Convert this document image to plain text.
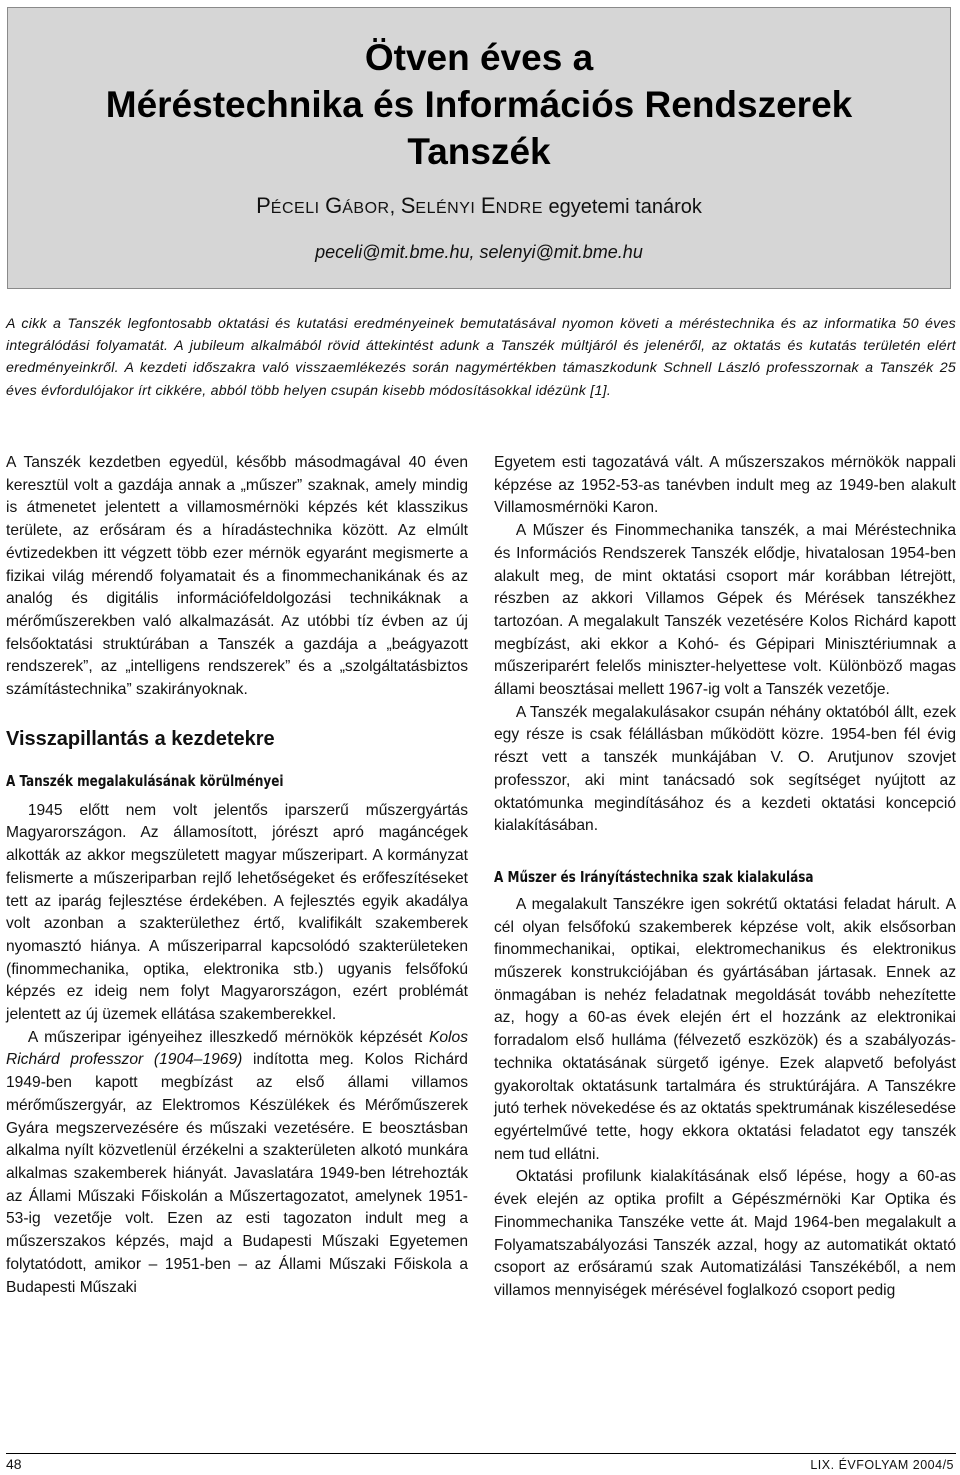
Ötven éves a
Méréstechnika és Információs Rendszerek
Tanszék
PÉCELI GÁBOR, SELÉNYI ENDRE egyetemi tanárok
peceli@mit.bme.hu, selenyi@mit.bme.hu

A cikk a Tanszék legfontosabb oktatási és kutatási eredményeinek bemutatásával nyomon követi a méréstechnika és az informatika 50 éves integrálódási folyamatát. A jubileum alkalmából rövid áttekintést adunk a Tanszék múltjáról és jelenéről, az oktatás és kutatás területén elért eredményeinkről. A kezdeti időszakra való visszaemlékezés során nagymértékben támaszkodunk Schnell László professzornak a Tanszék 25 éves évfordulójakor írt cikkére, abból több helyen csupán kisebb módosításokkal idézünk [1].

A Tanszék kezdetben egyedül, később másodmagával 40 éven keresztül volt a gazdája annak a „műszer” szaknak, amely mindig is átmenetet jelentett a villamosmérnöki képzés két klasszikus területe, az erősáram és a híradástechnika között. Az elmúlt évtizedekben itt végzett több ezer mérnök egyaránt megismerte a fizikai világ mérendő folyamatait és a finommechanikának és az analóg és digitális információfeldolgozási technikáknak a mérőműszerekben való alkalmazását. Az utóbbi tíz évben az új felsőoktatási struktúrában a Tanszék a gazdája a „beágyazott rendszerek”, az „intelligens rendszerek” és a „szolgáltatásbiztos számítástechnika” szakirányoknak.

Visszapillantás a kezdetekre
A Tanszék megalakulásának körülményei

1945 előtt nem volt jelentős iparszerű műszergyártás Magyarországon. Az államosított, jórészt apró magáncégek alkották az akkor megszületett magyar műszeripart. A kormányzat felismerte a műszeriparban rejlő lehetőségeket és erőfeszítéseket tett az iparág fejlesztése érdekében. A fejlesztés egyik akadálya volt azonban a szakterülethez értő, kvalifikált szakemberek nyomasztó hiánya. A műszeriparral kapcsolódó szakterületeken (finommechanika, optika, elektronika stb.) ugyanis felsőfokú képzés ez ideig nem folyt Magyarországon, ezért problémát jelentett az új üzemek ellátása szakemberekkel.

A műszeripar igényeihez illeszkedő mérnökök képzését Kolos Richárd professzor (1904–1969) indította meg. Kolos Richárd 1949-ben kapott megbízást az első állami villamos mérőműszergyár, az Elektromos Készülékek és Mérőműszerek Gyára megszervezésére és műszaki vezetésére. E beosztásban alkalma nyílt közvetlenül érzékelni a szakterületen alkotó munkára alkalmas szakemberek hiányát. Javaslatára 1949-ben létrehozták az Állami Műszaki Főiskolán a Műszertagozatot, amelynek 1951-53-ig vezetője volt. Ezen az esti tagozaton indult meg a műszerszakos képzés, majd a Budapesti Műszaki Egyetemen folytatódott, amikor – 1951-ben – az Állami Műszaki Főiskola a Budapesti Műszaki

Egyetem esti tagozatává vált. A műszerszakos mérnökök nappali képzése az 1952-53-as tanévben indult meg az 1949-ben alakult Villamosmérnöki Karon.

A Műszer és Finommechanika tanszék, a mai Méréstechnika és Információs Rendszerek Tanszék elődje, hivatalosan 1954-ben alakult meg, de mint oktatási csoport már korábban létrejött, részben az akkori Villamos Gépek és Mérések tanszékhez tartozóan. A megalakult Tanszék vezetésére Kolos Richárd kapott megbízást, aki ekkor a Kohó- és Gépipari Minisztériumnak a műszeriparért felelős miniszter-helyettese volt. Különböző magas állami beosztásai mellett 1967-ig volt a Tanszék vezetője.

A Tanszék megalakulásakor csupán néhány oktatóból állt, ezek egy része is csak félállásban működött közre. 1954-ben fél évig részt vett a tanszék munkájában V. O. Arutjunov szovjet professzor, aki mint tanácsadó sok segítséget nyújtott az oktatómunka megindításához és a kezdeti oktatási koncepció kialakításában.

A Műszer és Irányítástechnika szak kialakulása

A megalakult Tanszékre igen sokrétű oktatási feladat hárult. A cél olyan felsőfokú szakemberek képzése volt, akik elsősorban finommechanikai, optikai, elektromechanikus és elektronikus műszerek konstrukciójában és gyártásában jártasak. Ennek az önmagában is nehéz feladatnak megoldását tovább nehezítette az, hogy a 60-as évek elején ért el hozzánk az elektronikai forradalom első hulláma (félvezető eszközök) és a szabályozás-technika oktatásának sürgető igénye. Ezek alapvető befolyást gyakoroltak oktatásunk tartalmára és struktúrájára. A Tanszékre jutó terhek növekedése és az oktatás spektrumának kiszélesedése egyértelművé tette, hogy ekkora oktatási feladatot egy tanszék nem tud ellátni.

Oktatási profilunk kialakításának első lépése, hogy a 60-as évek elején az optika profilt a Gépészmérnöki Kar Optika és Finommechanika Tanszéke vette át. Majd 1964-ben megalakult a Folyamatszabályozási Tanszék azzal, hogy az automatikát oktató csoport az erősáramú szak Automatizálási Tanszékéből, a nem villamos mennyiségek mérésével foglalkozó csoport pedig

48	LIX. ÉVFOLYAM 2004/5
